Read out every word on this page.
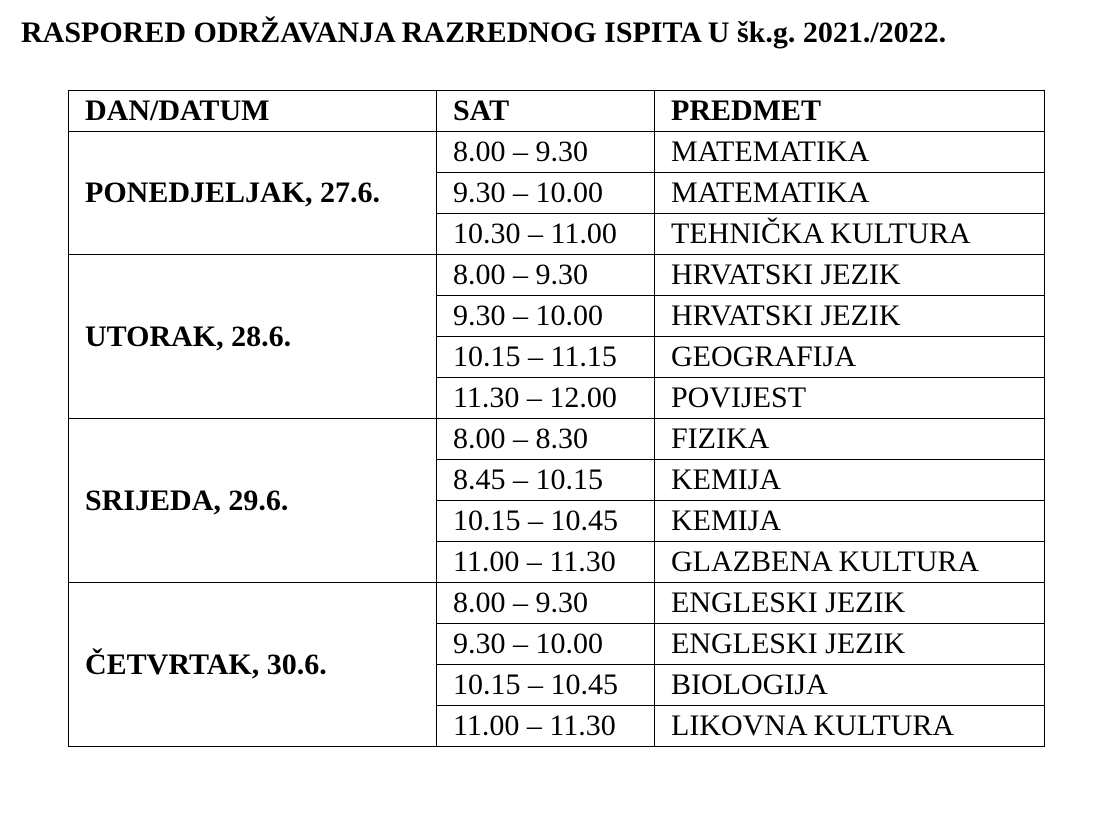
RASPORED ODRŽAVANJA RAZREDNOG ISPITA U šk.g. 2021./2022.
DAN/DATUM	SAT	PREDMET
PONEDJELJAK, 27.6.	8.00 – 9.30	MATEMATIKA
	9.30 – 10.00	MATEMATIKA
	10.30 – 11.00	TEHNIČKA KULTURA
UTORAK, 28.6.	8.00 – 9.30	HRVATSKI JEZIK
	9.30 – 10.00	HRVATSKI JEZIK
	10.15 – 11.15	GEOGRAFIJA
	11.30 – 12.00	POVIJEST
SRIJEDA, 29.6.	8.00 – 8.30	FIZIKA
	8.45 – 10.15	KEMIJA
	10.15 – 10.45	KEMIJA
	11.00 – 11.30	GLAZBENA KULTURA
ČETVRTAK, 30.6.	8.00 – 9.30	ENGLESKI JEZIK
	9.30 – 10.00	ENGLESKI JEZIK
	10.15 – 10.45	BIOLOGIJA
	11.00 – 11.30	LIKOVNA KULTURA
